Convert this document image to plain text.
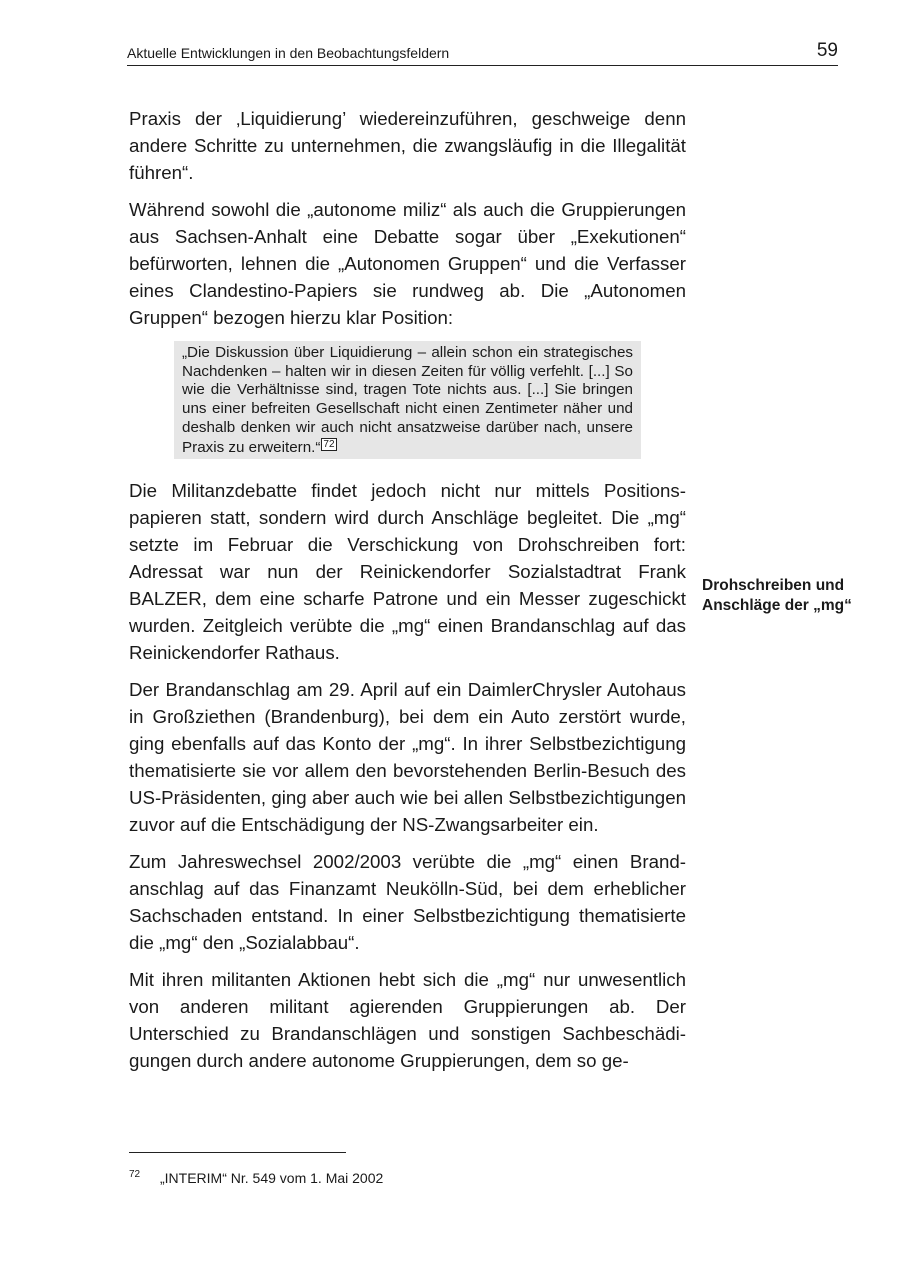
Aktuelle Entwicklungen in den Beobachtungsfeldern	59

Praxis der ‚Liquidierung’ wiedereinzuführen, geschweige denn andere Schritte zu unternehmen, die zwangsläufig in die Illegalität führen“.

Während sowohl die „autonome miliz“ als auch die Gruppierungen aus Sachsen-Anhalt eine Debatte sogar über „Exekutionen“ befürworten, lehnen die „Autonomen Gruppen“ und die Verfasser eines Clandestino-Papiers sie rundweg ab. Die „Autonomen Gruppen“ bezogen hierzu klar Position:

„Die Diskussion über Liquidierung – allein schon ein strategisches Nachdenken – halten wir in diesen Zeiten für völlig verfehlt. [...] So wie die Verhältnisse sind, tragen Tote nichts aus. [...] Sie bringen uns einer befreiten Gesellschaft nicht einen Zentimeter näher und deshalb denken wir auch nicht ansatzweise darüber nach, unsere Praxis zu erweitern.“ 72

Die Militanzdebatte findet jedoch nicht nur mittels Positionspapieren statt, sondern wird durch Anschläge begleitet. Die „mg“ setzte im Februar die Verschickung von Drohschreiben fort: Adressat war nun der Reinickendorfer Sozialstadtrat Frank BALZER, dem eine scharfe Patrone und ein Messer zugeschickt wurden. Zeitgleich verübte die „mg“ einen Brandanschlag auf das Reinickendorfer Rathaus.

Der Brandanschlag am 29. April auf ein DaimlerChrysler Autohaus in Großziethen (Brandenburg), bei dem ein Auto zerstört wurde, ging ebenfalls auf das Konto der „mg“. In ihrer Selbstbezichtigung thematisierte sie vor allem den bevorstehenden Berlin-Besuch des US-Präsidenten, ging aber auch wie bei allen Selbstbezichtigungen zuvor auf die Entschädigung der NS-Zwangsarbeiter ein.

Zum Jahreswechsel 2002/2003 verübte die „mg“ einen Brandanschlag auf das Finanzamt Neukölln-Süd, bei dem erheblicher Sachschaden entstand. In einer Selbstbezichtigung thematisierte die „mg“ den „Sozialabbau“.

Mit ihren militanten Aktionen hebt sich die „mg“ nur unwesentlich von anderen militant agierenden Gruppierungen ab. Der Unterschied zu Brandanschlägen und sonstigen Sachbeschädigungen durch andere autonome Gruppierungen, dem so ge-

Drohschreiben und Anschläge der „mg“
72 „INTERIM“ Nr. 549 vom 1. Mai 2002
